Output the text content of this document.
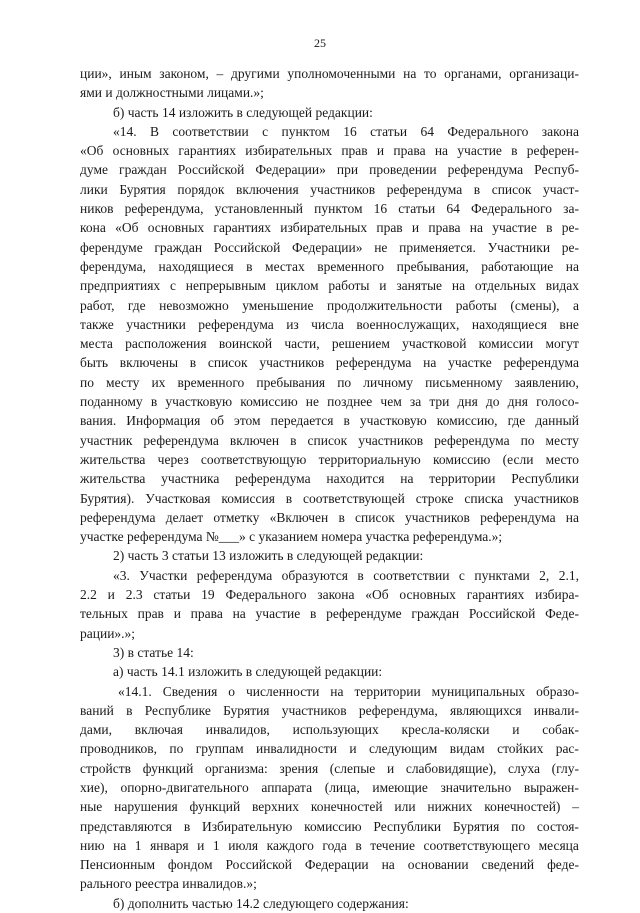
25
ции», иным законом, – другими уполномоченными на то органами, организаци-
ями и должностными лицами.»;
б) часть 14 изложить в следующей редакции:
«14. В соответствии с пунктом 16 статьи 64 Федерального закона
«Об основных гарантиях избирательных прав и права на участие в референ-
думе граждан Российской Федерации» при проведении референдума Респуб-
лики Бурятия порядок включения участников референдума в список участ-
ников референдума, установленный пунктом 16 статьи 64 Федерального за-
кона «Об основных гарантиях избирательных прав и права на участие в ре-
ферендуме граждан Российской Федерации» не применяется. Участники ре-
ферендума, находящиеся в местах временного пребывания, работающие на
предприятиях с непрерывным циклом работы и занятые на отдельных видах
работ, где невозможно уменьшение продолжительности работы (смены), а
также участники референдума из числа военнослужащих, находящиеся вне
места расположения воинской части, решением участковой комиссии могут
быть включены в список участников референдума на участке референдума
по месту их временного пребывания по личному письменному заявлению,
поданному в участковую комиссию не позднее чем за три дня до дня голосо-
вания. Информация об этом передается в участковую комиссию, где данный
участник референдума включен в список участников референдума по месту
жительства через соответствующую территориальную комиссию (если место
жительства участника референдума находится на территории Республики
Бурятия). Участковая комиссия в соответствующей строке списка участников
референдума делает отметку «Включен в список участников референдума на
участке референдума №___» с указанием номера участка референдума.»;
2) часть 3 статьи 13 изложить в следующей редакции:
«3. Участки референдума образуются в соответствии с пунктами 2, 2.1,
2.2 и 2.3 статьи 19 Федерального закона «Об основных гарантиях избира-
тельных прав и права на участие в референдуме граждан Российской Феде-
рации».»;
3) в статье 14:
а) часть 14.1 изложить в следующей редакции:
«14.1. Сведения о численности на территории муниципальных образо-
ваний в Республике Бурятия участников референдума, являющихся инвали-
дами, включая инвалидов, использующих кресла-коляски и собак-
проводников, по группам инвалидности и следующим видам стойких рас-
стройств функций организма: зрения (слепые и слабовидящие), слуха (глу-
хие), опорно-двигательного аппарата (лица, имеющие значительно выражен-
ные нарушения функций верхних конечностей или нижних конечностей) –
представляются в Избирательную комиссию Республики Бурятия по состоя-
нию на 1 января и 1 июля каждого года в течение соответствующего месяца
Пенсионным фондом Российской Федерации на основании сведений феде-
рального реестра инвалидов.»;
б) дополнить частью 14.2 следующего содержания:
